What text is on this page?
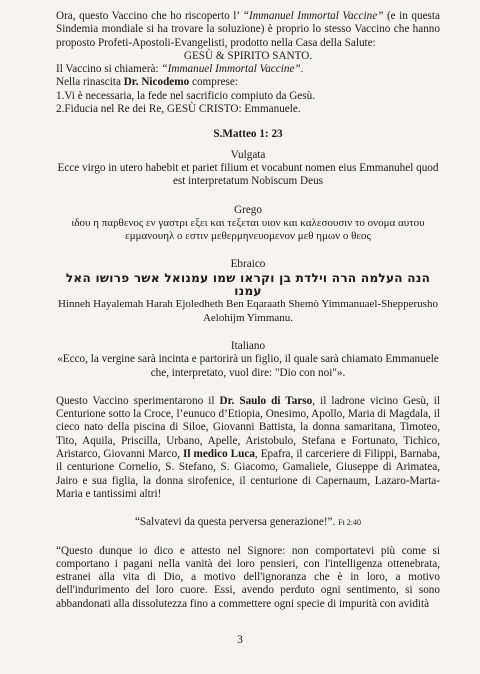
Ora, questo Vaccino che ho riscoperto l’ “Immanuel Immortal Vaccine” (e in questa Sindemia mondiale si ha trovare la soluzione) è proprio lo stesso Vaccino che hanno proposto Profeti-Apostoli-Evangelisti, prodotto nella Casa della Salute:

GESÙ & SPIRITO SANTO.

Il Vaccino si chiamerà: “Immanuel Immortal Vaccine”.

Nella rinascita Dr. Nicodemo comprese:

1.Vi è necessaria, la fede nel sacrificio compiuto da Gesù.

2.Fiducia nel Re dei Re, GESÙ CRISTO: Emmanuele.

S.Matteo 1: 23

Vulgata

Ecce virgo in utero habebit et pariet filium et vocabunt nomen eius Emmanuhel quod est interpretatum Nobiscum Deus

Grego

ιδου η παρθενος εν γαστρι εξει και τεξεται υιον και καλεσουσιν το ονομα αυτου εμμανουηλ ο εστιν μεθερμηνευομενον μεθ ημων ο θεος

Ebraico

הנה העלמה הרה וילדת בן וקראו שמו עמנואל אשר פרושו האל עמנו

Hinneh Hayalemah Harah Ejoledheth Ben Eqaraath Shemò Yimmanuael-Shepperusho Aelohijm Yimmanu.

Italiano

«Ecco, la vergine sarà incinta e partorirà un figlio, il quale sarà chiamato Emmanuele che, interpretato, vuol dire: "Dio con noi"».

Questo Vaccino sperimentarono il Dr. Saulo di Tarso, il ladrone vicino Gesù, il Centurione sotto la Croce, l’eunuco d’Etiopia, Onesimo, Apollo, Maria di Magdala, il cieco nato della piscina di Siloe, Giovanni Battista, la donna samaritana, Timoteo, Tito, Aquila, Priscilla, Urbano, Apelle, Aristobulo, Stefana e Fortunato, Tichico, Aristarco, Giovanni Marco, Il medico Luca, Epafra, il carceriere di Filippi, Barnaba, il centurione Cornelio, S. Stefano, S. Giacomo, Gamaliele, Giuseppe di Arimatea, Jairo e sua figlia, la donna sirofenice, il centurione di Capernaum, Lazaro-Marta-Maria e tantissimi altri!

“Salvatevi da questa perversa generazione!”. Ft 2:40

“Questo dunque io dico e attesto nel Signore: non comportatevi più come si comportano i pagani nella vanità dei loro pensieri, con l'intelligenza ottenebrata, estranei alla vita di Dio, a motivo dell'ignoranza che è in loro, a motivo dell'indurimento del loro cuore. Essi, avendo perduto ogni sentimento, si sono abbandonati alla dissolutezza fino a commettere ogni specie di impurità con avidità

3
